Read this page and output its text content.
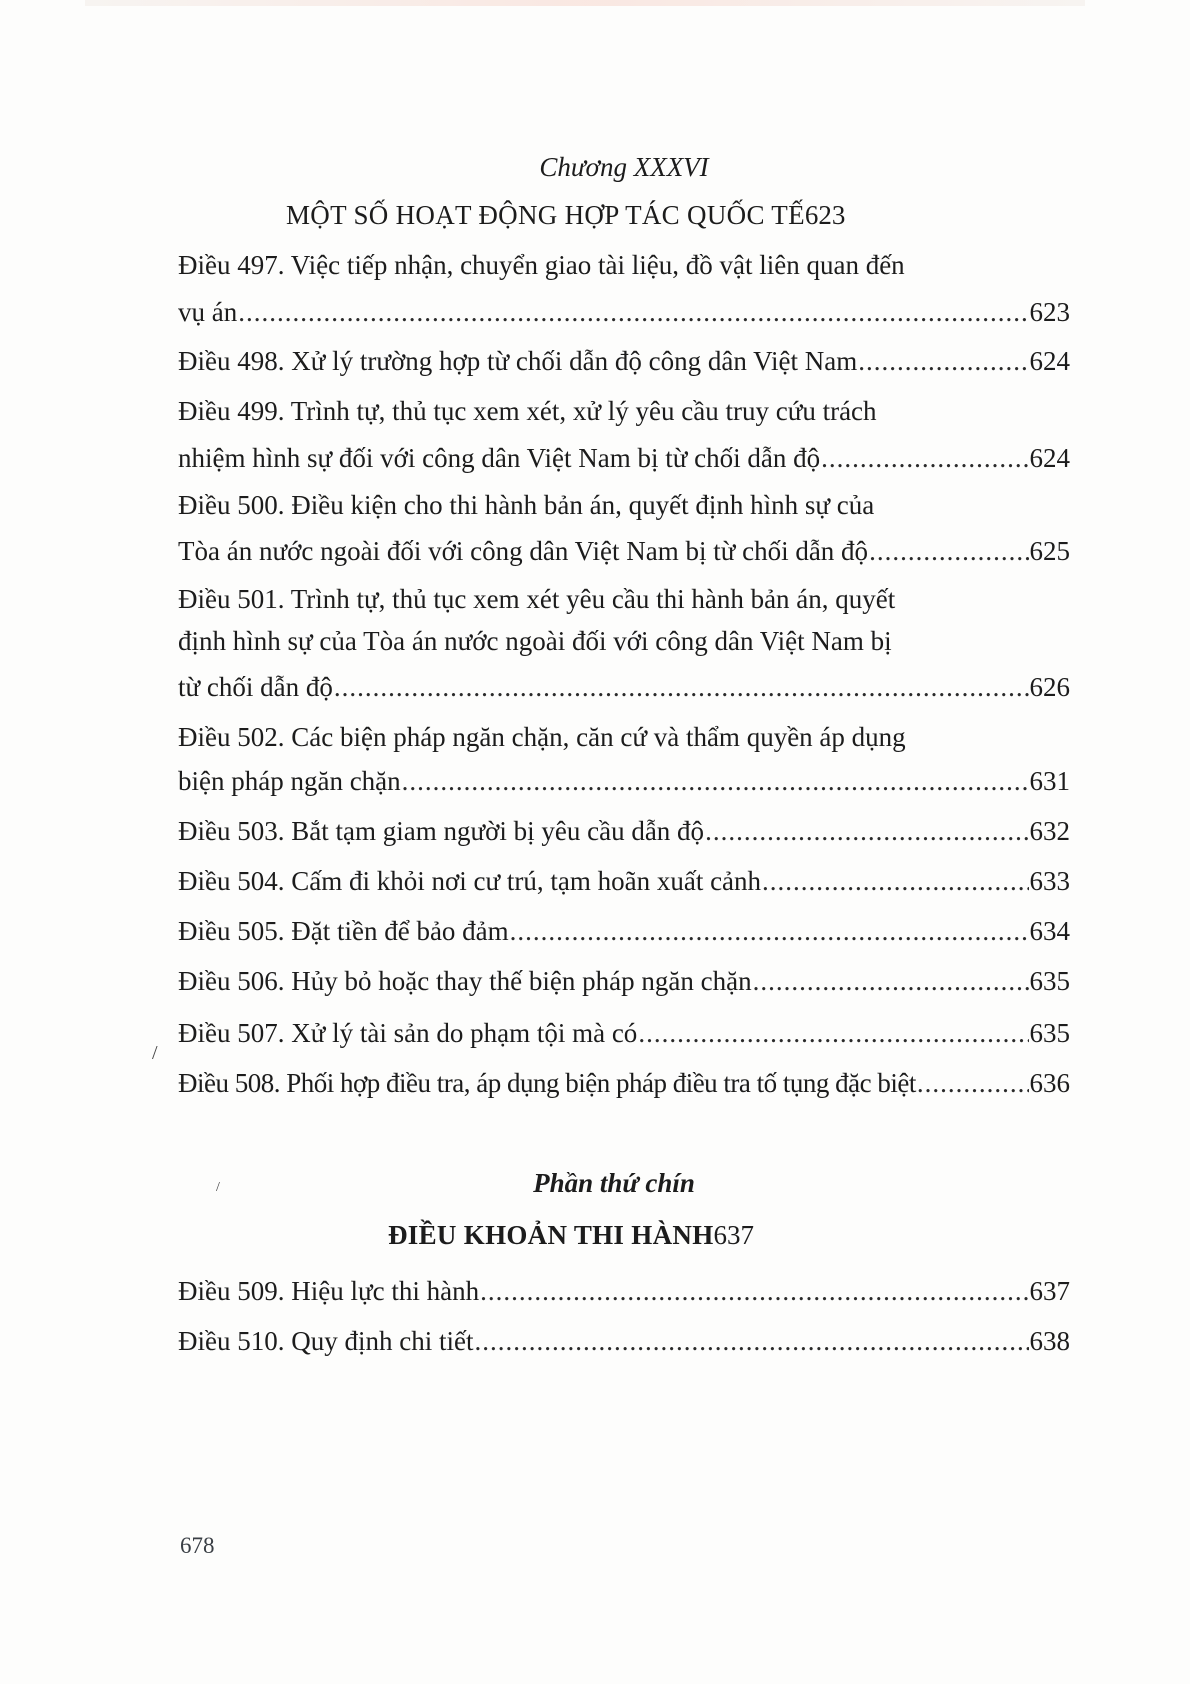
Chương XXXVI
MỘT SỐ HOẠT ĐỘNG HỢP TÁC QUỐC TẾ 623
Điều 497. Việc tiếp nhận, chuyển giao tài liệu, đồ vật liên quan đến
vụ án .....	623
Điều 498. Xử lý trường hợp từ chối dẫn độ công dân Việt Nam .....	624
Điều 499. Trình tự, thủ tục xem xét, xử lý yêu cầu truy cứu trách
nhiệm hình sự đối với công dân Việt Nam bị từ chối dẫn độ .....	624
Điều 500. Điều kiện cho thi hành bản án, quyết định hình sự của
Tòa án nước ngoài đối với công dân Việt Nam bị từ chối dẫn độ .....	625
Điều 501. Trình tự, thủ tục xem xét yêu cầu thi hành bản án, quyết
định hình sự của Tòa án nước ngoài đối với công dân Việt Nam bị
từ chối dẫn độ .....	626
Điều 502. Các biện pháp ngăn chặn, căn cứ và thẩm quyền áp dụng
biện pháp ngăn chặn .....	631
Điều 503. Bắt tạm giam người bị yêu cầu dẫn độ .....	632
Điều 504. Cấm đi khỏi nơi cư trú, tạm hoãn xuất cảnh .....	633
Điều 505. Đặt tiền để bảo đảm .....	634
Điều 506. Hủy bỏ hoặc thay thế biện pháp ngăn chặn .....	635
Điều 507. Xử lý tài sản do phạm tội mà có .....	635
/
Điều 508. Phối hợp điều tra, áp dụng biện pháp điều tra tố tụng đặc biệt .....	636
/	Phần thứ chín
ĐIỀU KHOẢN THI HÀNH 637
Điều 509. Hiệu lực thi hành .....	637
Điều 510. Quy định chi tiết .....	638
678
